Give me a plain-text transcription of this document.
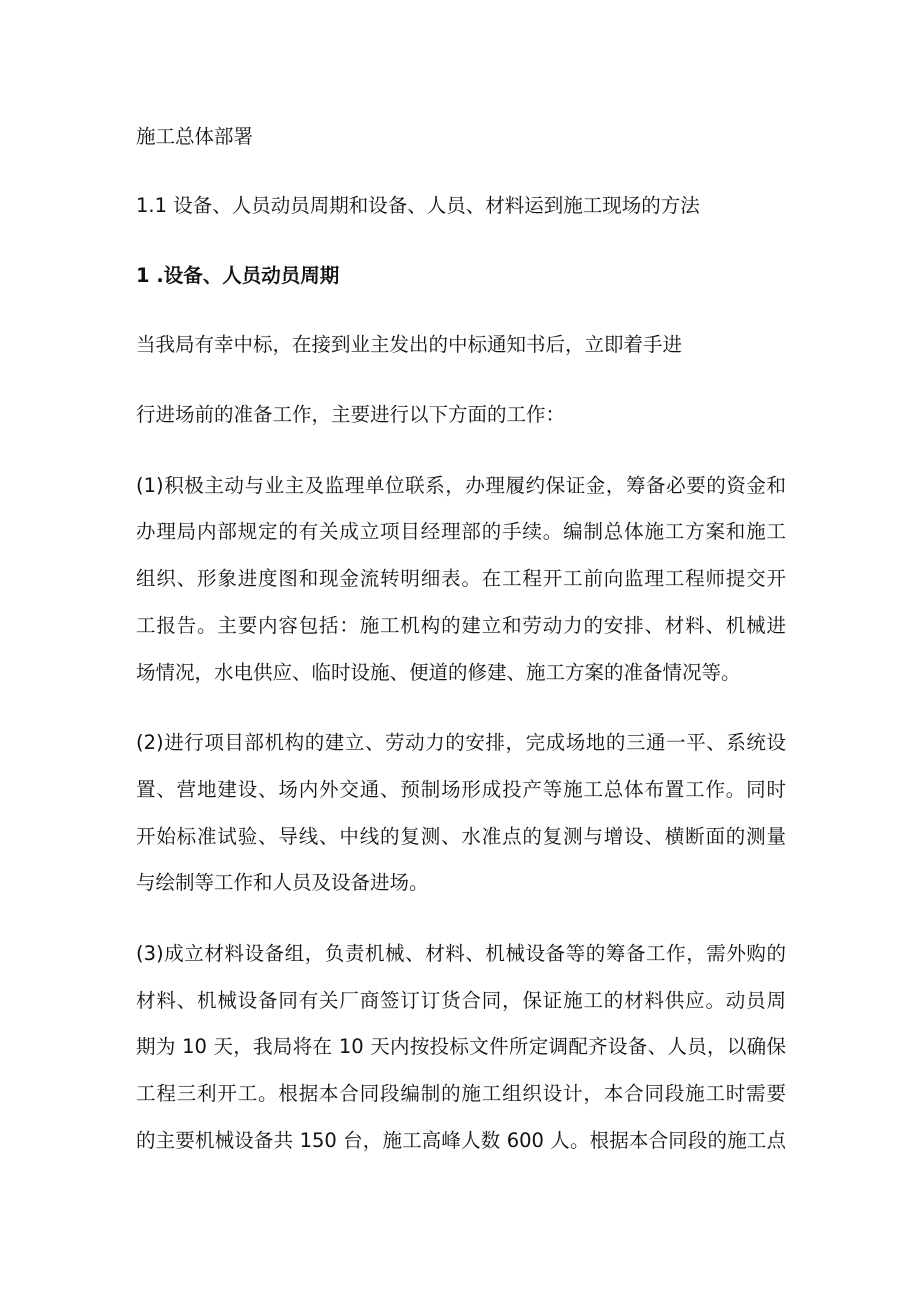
施工总体部署
1.1 设备、人员动员周期和设备、人员、材料运到施工现场的方法
1 .设备、人员动员周期
当我局有幸中标，在接到业主发出的中标通知书后，立即着手进
行进场前的准备工作，主要进行以下方面的工作：
(1)积极主动与业主及监理单位联系，办理履约保证金，筹备必要的资金和
办理局内部规定的有关成立项目经理部的手续。编制总体施工方案和施工
组织、形象进度图和现金流转明细表。在工程开工前向监理工程师提交开
工报告。主要内容包括：施工机构的建立和劳动力的安排、材料、机械进
场情况，水电供应、临时设施、便道的修建、施工方案的准备情况等。
(2)进行项目部机构的建立、劳动力的安排，完成场地的三通一平、系统设
置、营地建设、场内外交通、预制场形成投产等施工总体布置工作。同时
开始标准试验、导线、中线的复测、水准点的复测与增设、横断面的测量
与绘制等工作和人员及设备进场。
(3)成立材料设备组，负责机械、材料、机械设备等的筹备工作，需外购的
材料、机械设备同有关厂商签订订货合同，保证施工的材料供应。动员周
期为 10 天，我局将在 10 天内按投标文件所定调配齐设备、人员，以确保
工程三利开工。根据本合同段编制的施工组织设计，本合同段施工时需要
的主要机械设备共 150 台，施工高峰人数 600 人。根据本合同段的施工点
